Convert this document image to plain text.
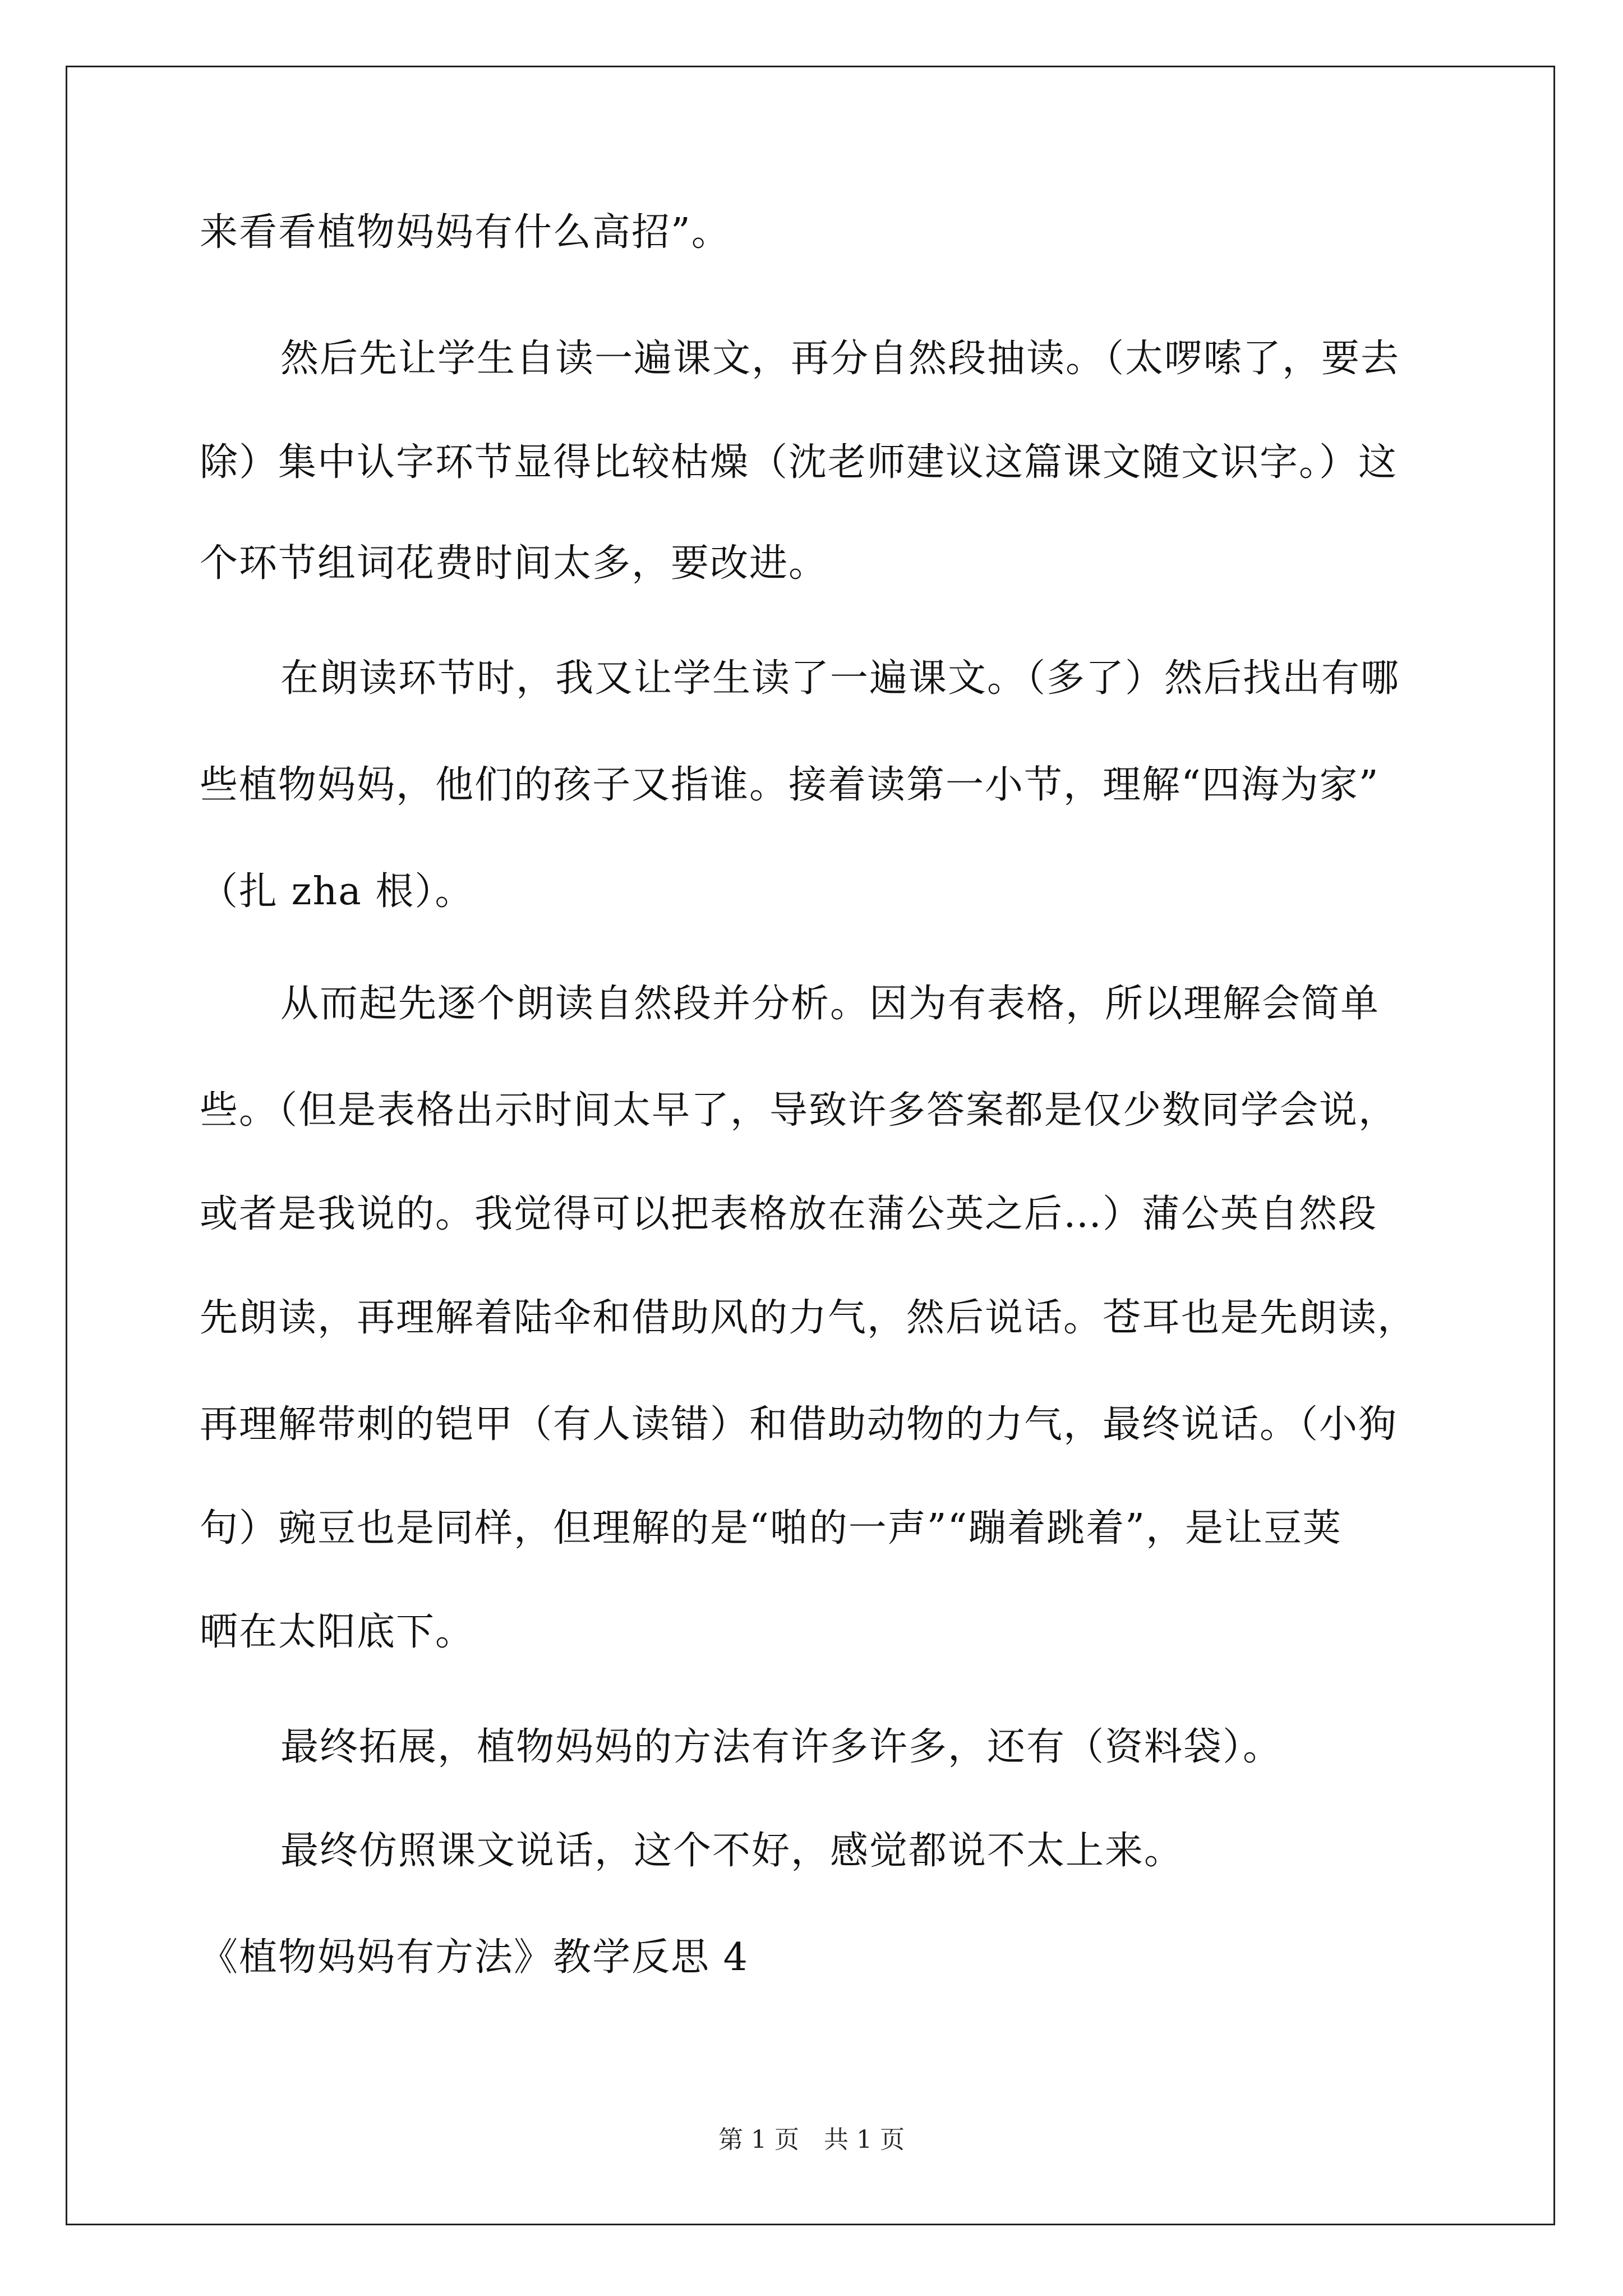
来看看植物妈妈有什么高招”。
然后先让学生自读一遍课文，再分自然段抽读。（太啰嗦了，要去
除）集中认字环节显得比较枯燥（沈老师建议这篇课文随文识字。）这
个环节组词花费时间太多，要改进。
在朗读环节时，我又让学生读了一遍课文。（多了）然后找出有哪
些植物妈妈，他们的孩子又指谁。接着读第一小节，理解“四海为家”
（扎 zha 根）。
从而起先逐个朗读自然段并分析。因为有表格，所以理解会简单
些。（但是表格出示时间太早了，导致许多答案都是仅少数同学会说，
或者是我说的。我觉得可以把表格放在蒲公英之后…）蒲公英自然段
先朗读，再理解着陆伞和借助风的力气，然后说话。苍耳也是先朗读，
再理解带刺的铠甲（有人读错）和借助动物的力气，最终说话。（小狗
句）豌豆也是同样，但理解的是“啪的一声”“蹦着跳着”，是让豆荚
晒在太阳底下。
最终拓展，植物妈妈的方法有许多许多，还有（资料袋）。
最终仿照课文说话，这个不好，感觉都说不太上来。
《植物妈妈有方法》教学反思 4
第 1 页　共 1 页
